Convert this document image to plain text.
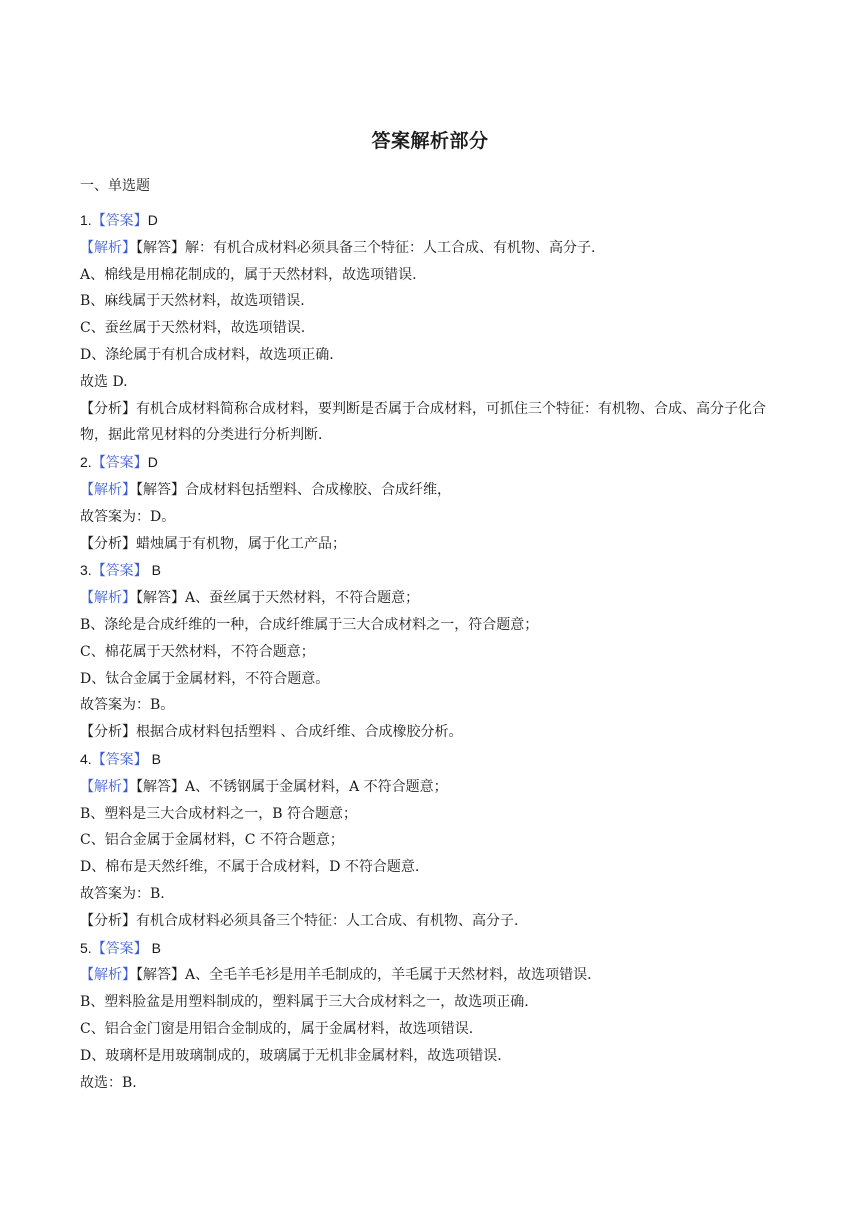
答案解析部分
一、单选题
1.【答案】D
【解析】【解答】解：有机合成材料必须具备三个特征：人工合成、有机物、高分子.
A、棉线是用棉花制成的，属于天然材料，故选项错误.
B、麻线属于天然材料，故选项错误.
C、蚕丝属于天然材料，故选项错误.
D、涤纶属于有机合成材料，故选项正确.
故选 D.
【分析】有机合成材料简称合成材料，要判断是否属于合成材料，可抓住三个特征：有机物、合成、高分子化合物，据此常见材料的分类进行分析判断.
2.【答案】D
【解析】【解答】合成材料包括塑料、合成橡胶、合成纤维，
故答案为：D。
【分析】蜡烛属于有机物，属于化工产品；
3.【答案】 B
【解析】【解答】A、蚕丝属于天然材料，不符合题意；
B、涤纶是合成纤维的一种，合成纤维属于三大合成材料之一，符合题意；
C、棉花属于天然材料，不符合题意；
D、钛合金属于金属材料，不符合题意。
故答案为：B。
【分析】根据合成材料包括塑料 、合成纤维、合成橡胶分析。
4.【答案】 B
【解析】【解答】A、不锈钢属于金属材料，A 不符合题意；
B、塑料是三大合成材料之一，B 符合题意；
C、铝合金属于金属材料，C 不符合题意；
D、棉布是天然纤维，不属于合成材料，D 不符合题意.
故答案为：B.
【分析】有机合成材料必须具备三个特征：人工合成、有机物、高分子.
5.【答案】 B
【解析】【解答】A、全毛羊毛衫是用羊毛制成的，羊毛属于天然材料，故选项错误.
B、塑料脸盆是用塑料制成的，塑料属于三大合成材料之一，故选项正确.
C、铝合金门窗是用铝合金制成的，属于金属材料，故选项错误.
D、玻璃杯是用玻璃制成的，玻璃属于无机非金属材料，故选项错误.
故选：B.
